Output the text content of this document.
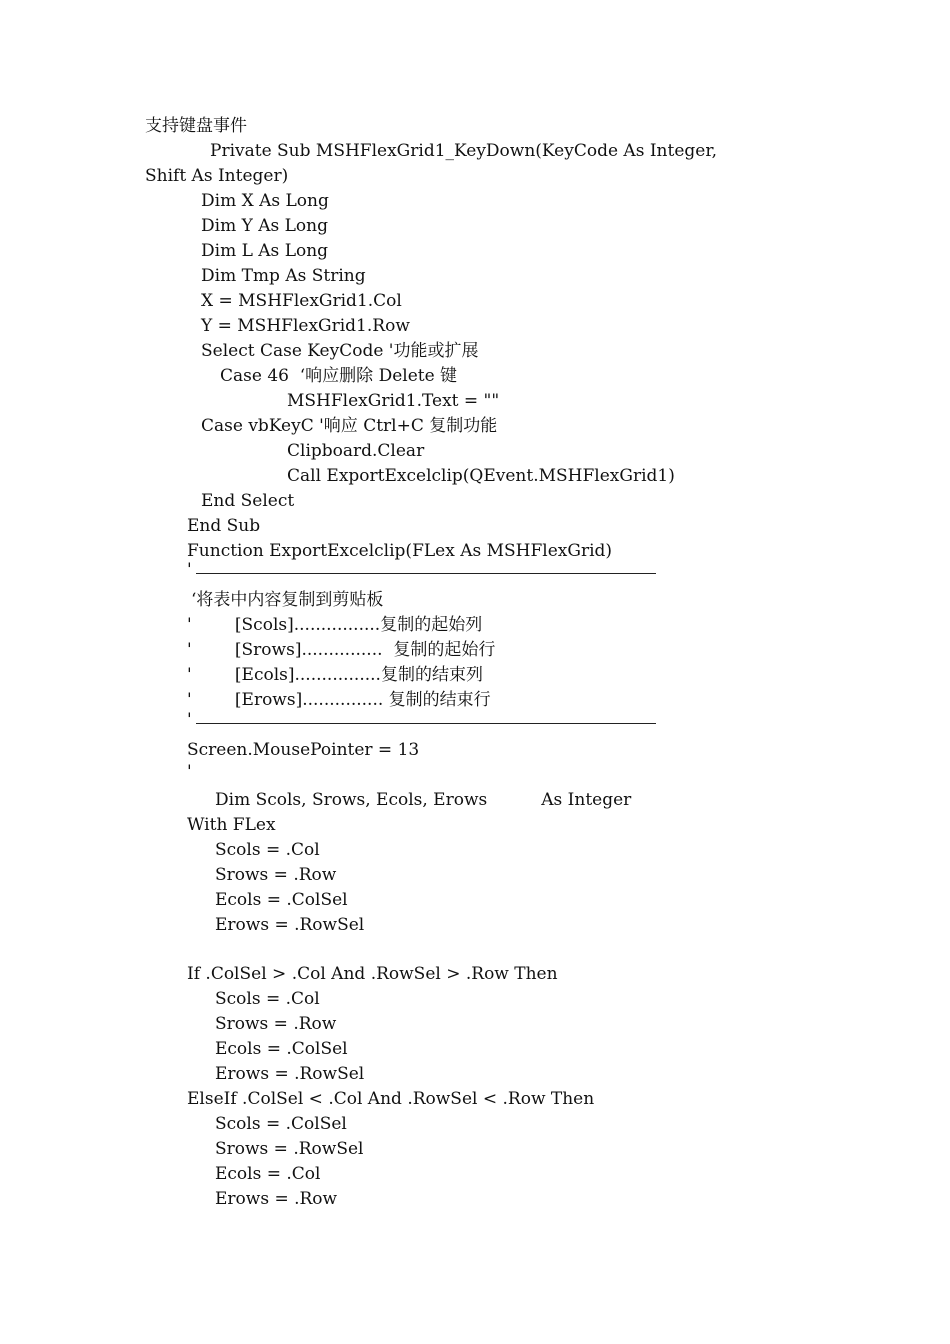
支持键盘事件
Private Sub MSHFlexGrid1_KeyDown(KeyCode As Integer,
Shift As Integer)
Dim X As Long
Dim Y As Long
Dim L As Long
Dim Tmp As String
X = MSHFlexGrid1.Col
Y = MSHFlexGrid1.Row
Select Case KeyCode '功能或扩展
Case 46  ‘响应删除 Delete 键
MSHFlexGrid1.Text = ""
Case vbKeyC '响应 Ctrl+C 复制功能
Clipboard.Clear
Call ExportExcelclip(QEvent.MSHFlexGrid1)
End Select
End Sub
Function ExportExcelclip(FLex As MSHFlexGrid)
'
‘将表中内容复制到剪贴板
'        [Scols]................复制的起始列
'        [Srows]...............  复制的起始行
'        [Ecols]................复制的结束列
'        [Erows]............... 复制的结束行
'
Screen.MousePointer = 13
'
Dim Scols, Srows, Ecols, Erows          As Integer
With FLex
Scols = .Col
Srows = .Row
Ecols = .ColSel
Erows = .RowSel
If .ColSel > .Col And .RowSel > .Row Then
Scols = .Col
Srows = .Row
Ecols = .ColSel
Erows = .RowSel
ElseIf .ColSel < .Col And .RowSel < .Row Then
Scols = .ColSel
Srows = .RowSel
Ecols = .Col
Erows = .Row
